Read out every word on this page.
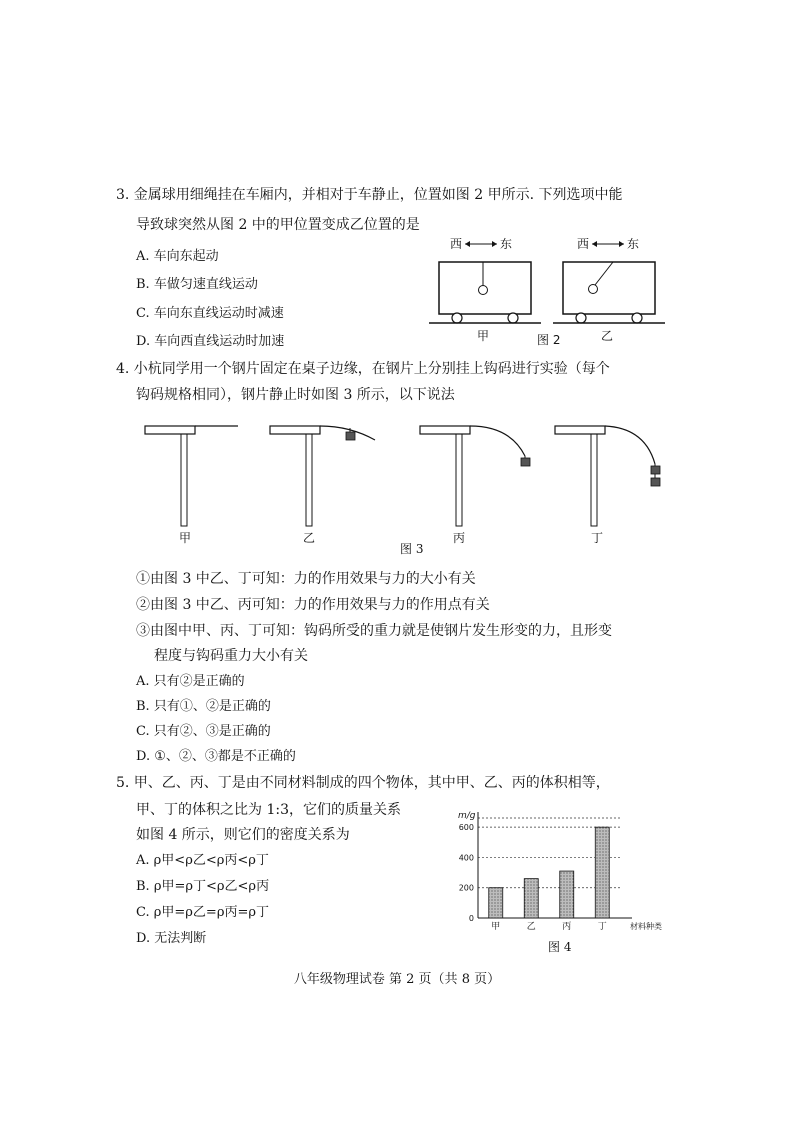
3. 金属球用细绳挂在车厢内，并相对于车静止，位置如图 2 甲所示. 下列选项中能
导致球突然从图 2 中的甲位置变成乙位置的是
A. 车向东起动
B. 车做匀速直线运动
C. 车向东直线运动时减速
D. 车向西直线运动时加速
西	东
甲
西	东
乙
图 2
4. 小杭同学用一个钢片固定在桌子边缘，在钢片上分别挂上钩码进行实验（每个
钩码规格相同），钢片静止时如图 3 所示，以下说法
甲	乙	丙	丁
图 3
①由图 3 中乙、丁可知：力的作用效果与力的大小有关
②由图 3 中乙、丙可知：力的作用效果与力的作用点有关
③由图中甲、丙、丁可知：钩码所受的重力就是使钢片发生形变的力，且形变
程度与钩码重力大小有关
A. 只有②是正确的
B. 只有①、②是正确的
C. 只有②、③是正确的
D. ①、②、③都是不正确的
5. 甲、乙、丙、丁是由不同材料制成的四个物体，其中甲、乙、丙的体积相等，
甲、丁的体积之比为 1:3，它们的质量关系
如图 4 所示，则它们的密度关系为
A. ρ甲<ρ乙<ρ丙<ρ丁
B. ρ甲=ρ丁<ρ乙<ρ丙
C. ρ甲=ρ乙=ρ丙=ρ丁
D. 无法判断
m/g
0
200
400
600
甲	乙	丙	丁	材料种类
图 4
八年级物理试卷 第 2 页（共 8 页）
